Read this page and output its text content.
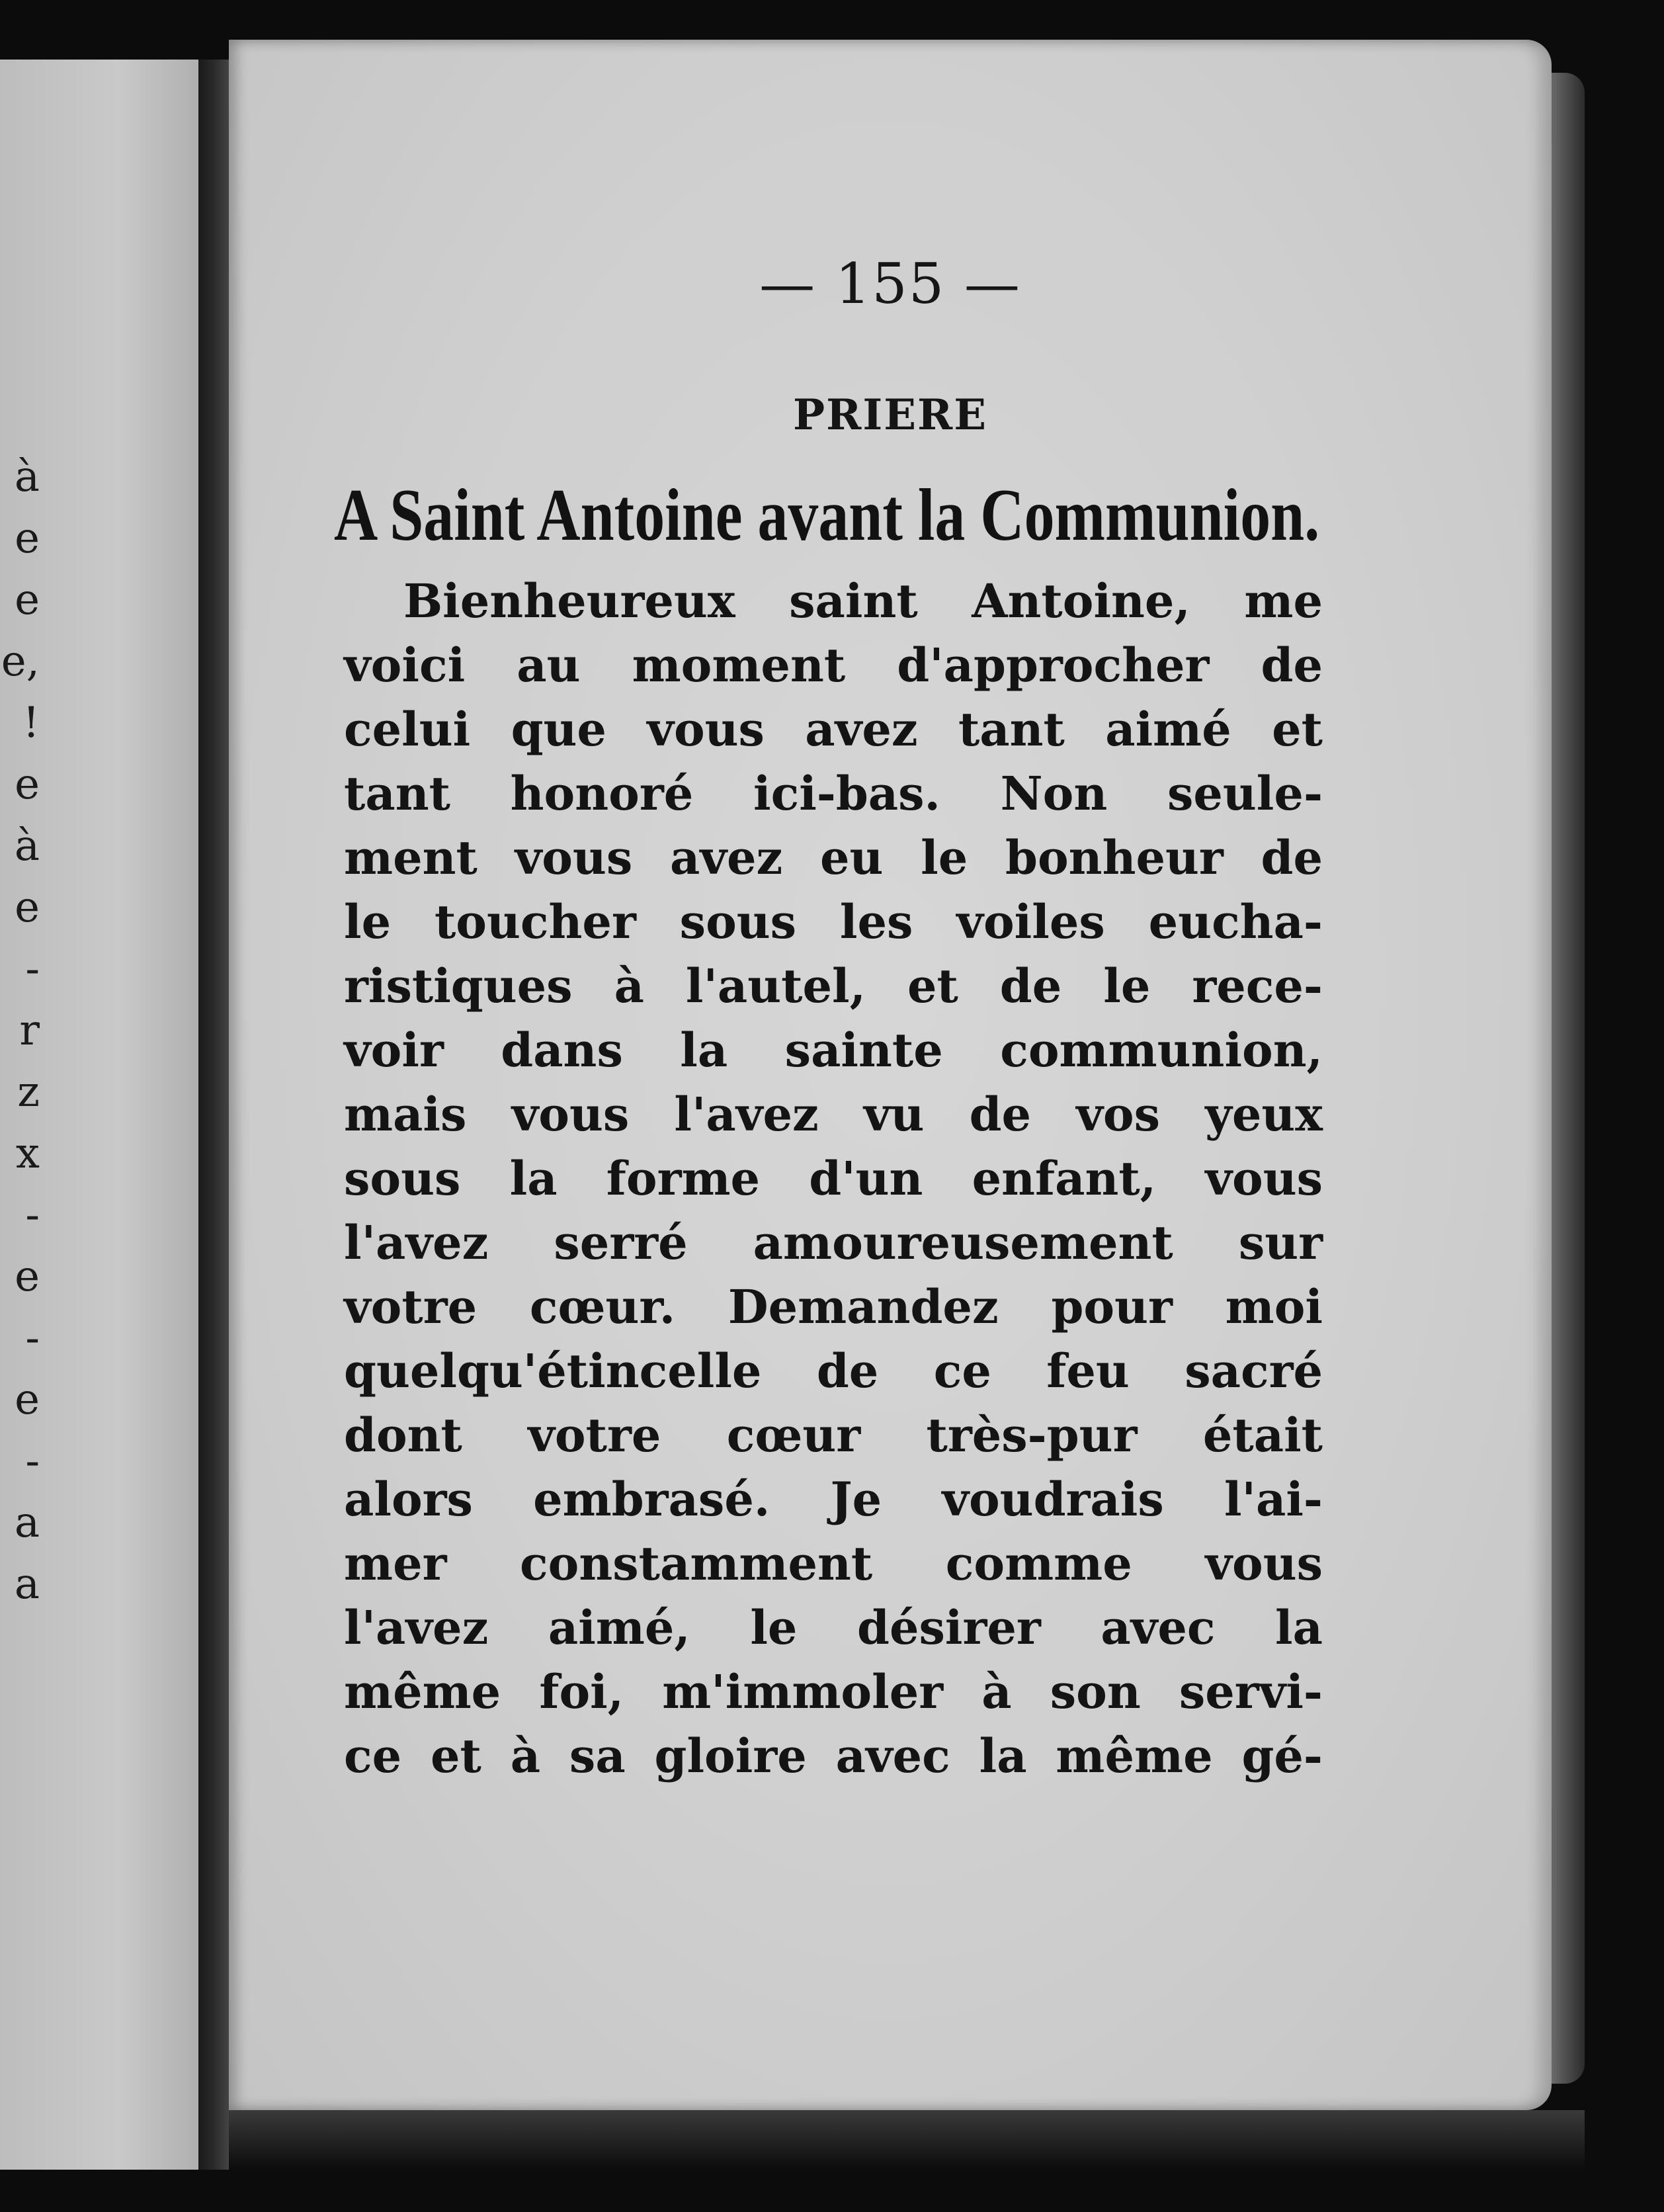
à
e
e
e,
!
e
à
e
-
r
z
x
-
e
-
e
-
a
a
— 155 —
PRIERE
A Saint Antoine avant la Communion.
Bienheureux saint Antoine, me
voici au moment d'approcher de
celui que vous avez tant aimé et
tant honoré ici-bas. Non seule-
ment vous avez eu le bonheur de
le toucher sous les voiles eucha-
ristiques à l'autel, et de le rece-
voir dans la sainte communion,
mais vous l'avez vu de vos yeux
sous la forme d'un enfant, vous
l'avez serré amoureusement sur
votre cœur. Demandez pour moi
quelqu'étincelle de ce feu sacré
dont votre cœur très-pur était
alors embrasé. Je voudrais l'ai-
mer constamment comme vous
l'avez aimé, le désirer avec la
même foi, m'immoler à son servi-
ce et à sa gloire avec la même gé-
